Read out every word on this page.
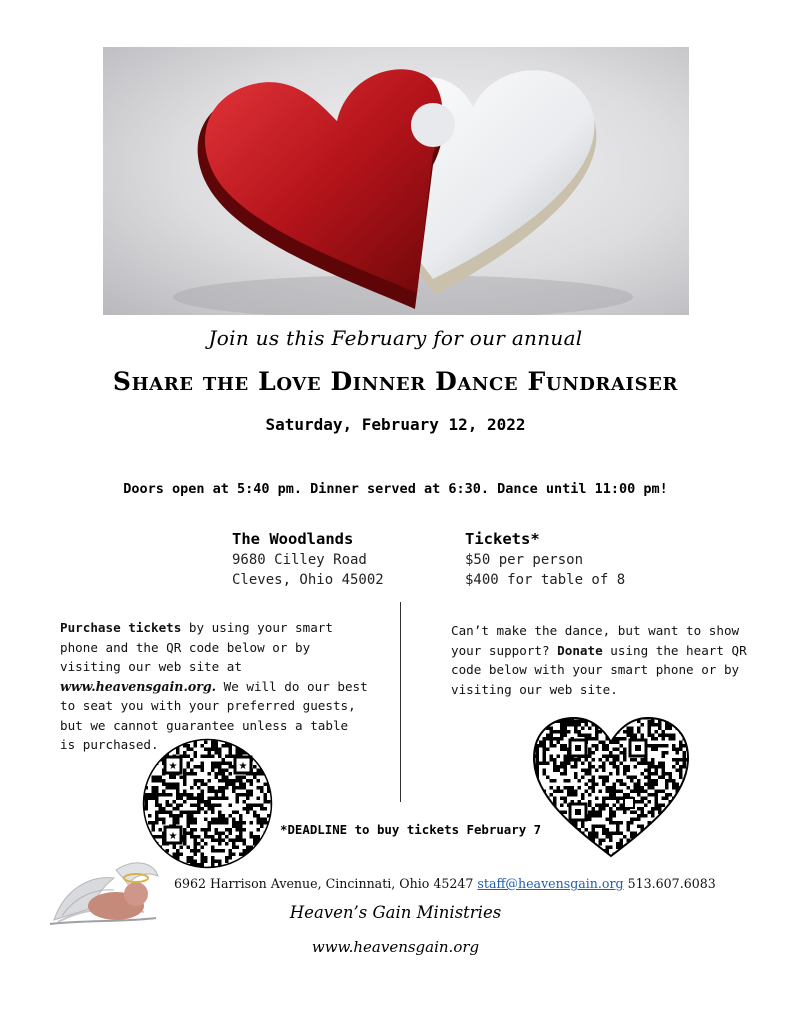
Join us this February for our annual
Share the Love Dinner Dance Fundraiser
Saturday, February 12, 2022
Doors open at 5:40 pm. Dinner served at 6:30. Dance until 11:00 pm!
The Woodlands
9680 Cilley Road
Cleves, Ohio 45002
Tickets*
$50 per person
$400 for table of 8
Purchase tickets by using your smart phone and the QR code below or by visiting our web site at www.heavensgain.org. We will do our best to seat you with your preferred guests, but we cannot guarantee unless a table is purchased.
Can’t make the dance, but want to show your support? Donate using the heart QR code below with your smart phone or by visiting our web site.
★	★
★	*DEADLINE to buy tickets February 7
6962 Harrison Avenue, Cincinnati, Ohio 45247 staff@heavensgain.org 513.607.6083
Heaven’s Gain Ministries
www.heavensgain.org
